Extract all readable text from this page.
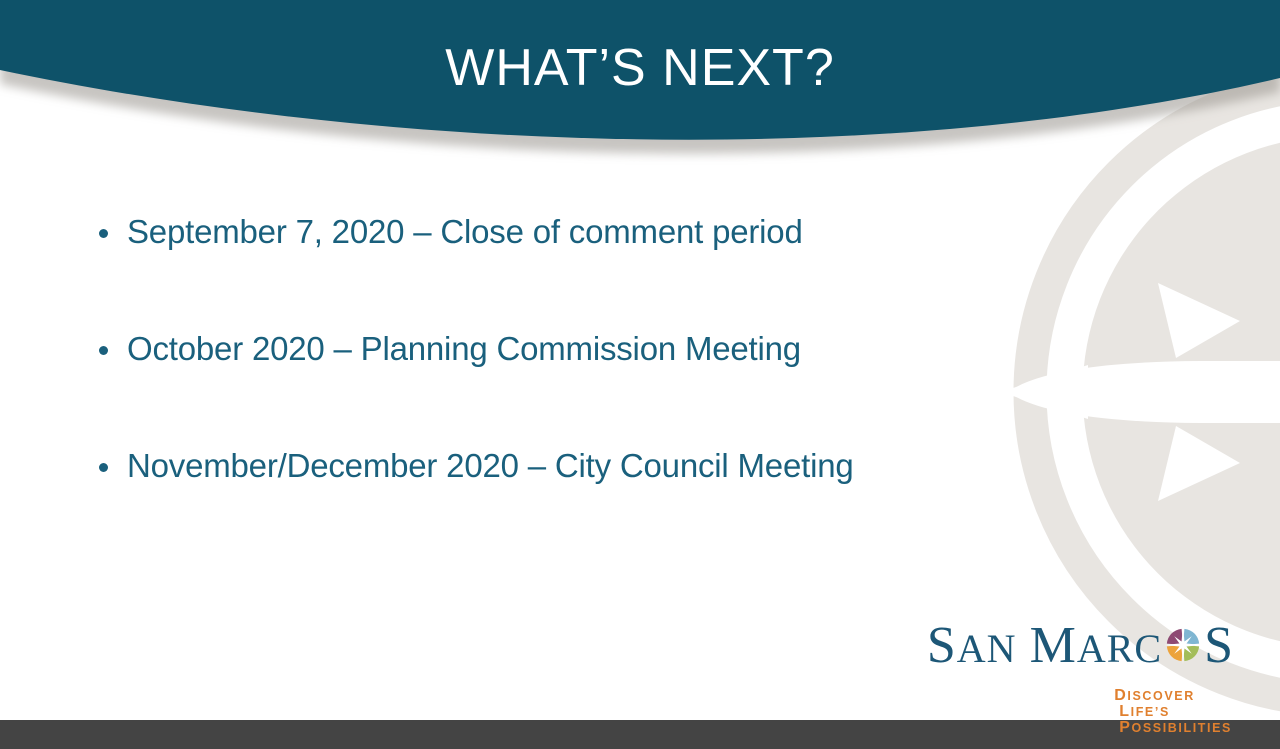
WHAT’S NEXT?
September 7, 2020 – Close of comment period
October 2020 – Planning Commission Meeting
November/December 2020 – City Council Meeting
S AN M ARC S

DISCOVER
LIFE’S
POSSIBILITIES
